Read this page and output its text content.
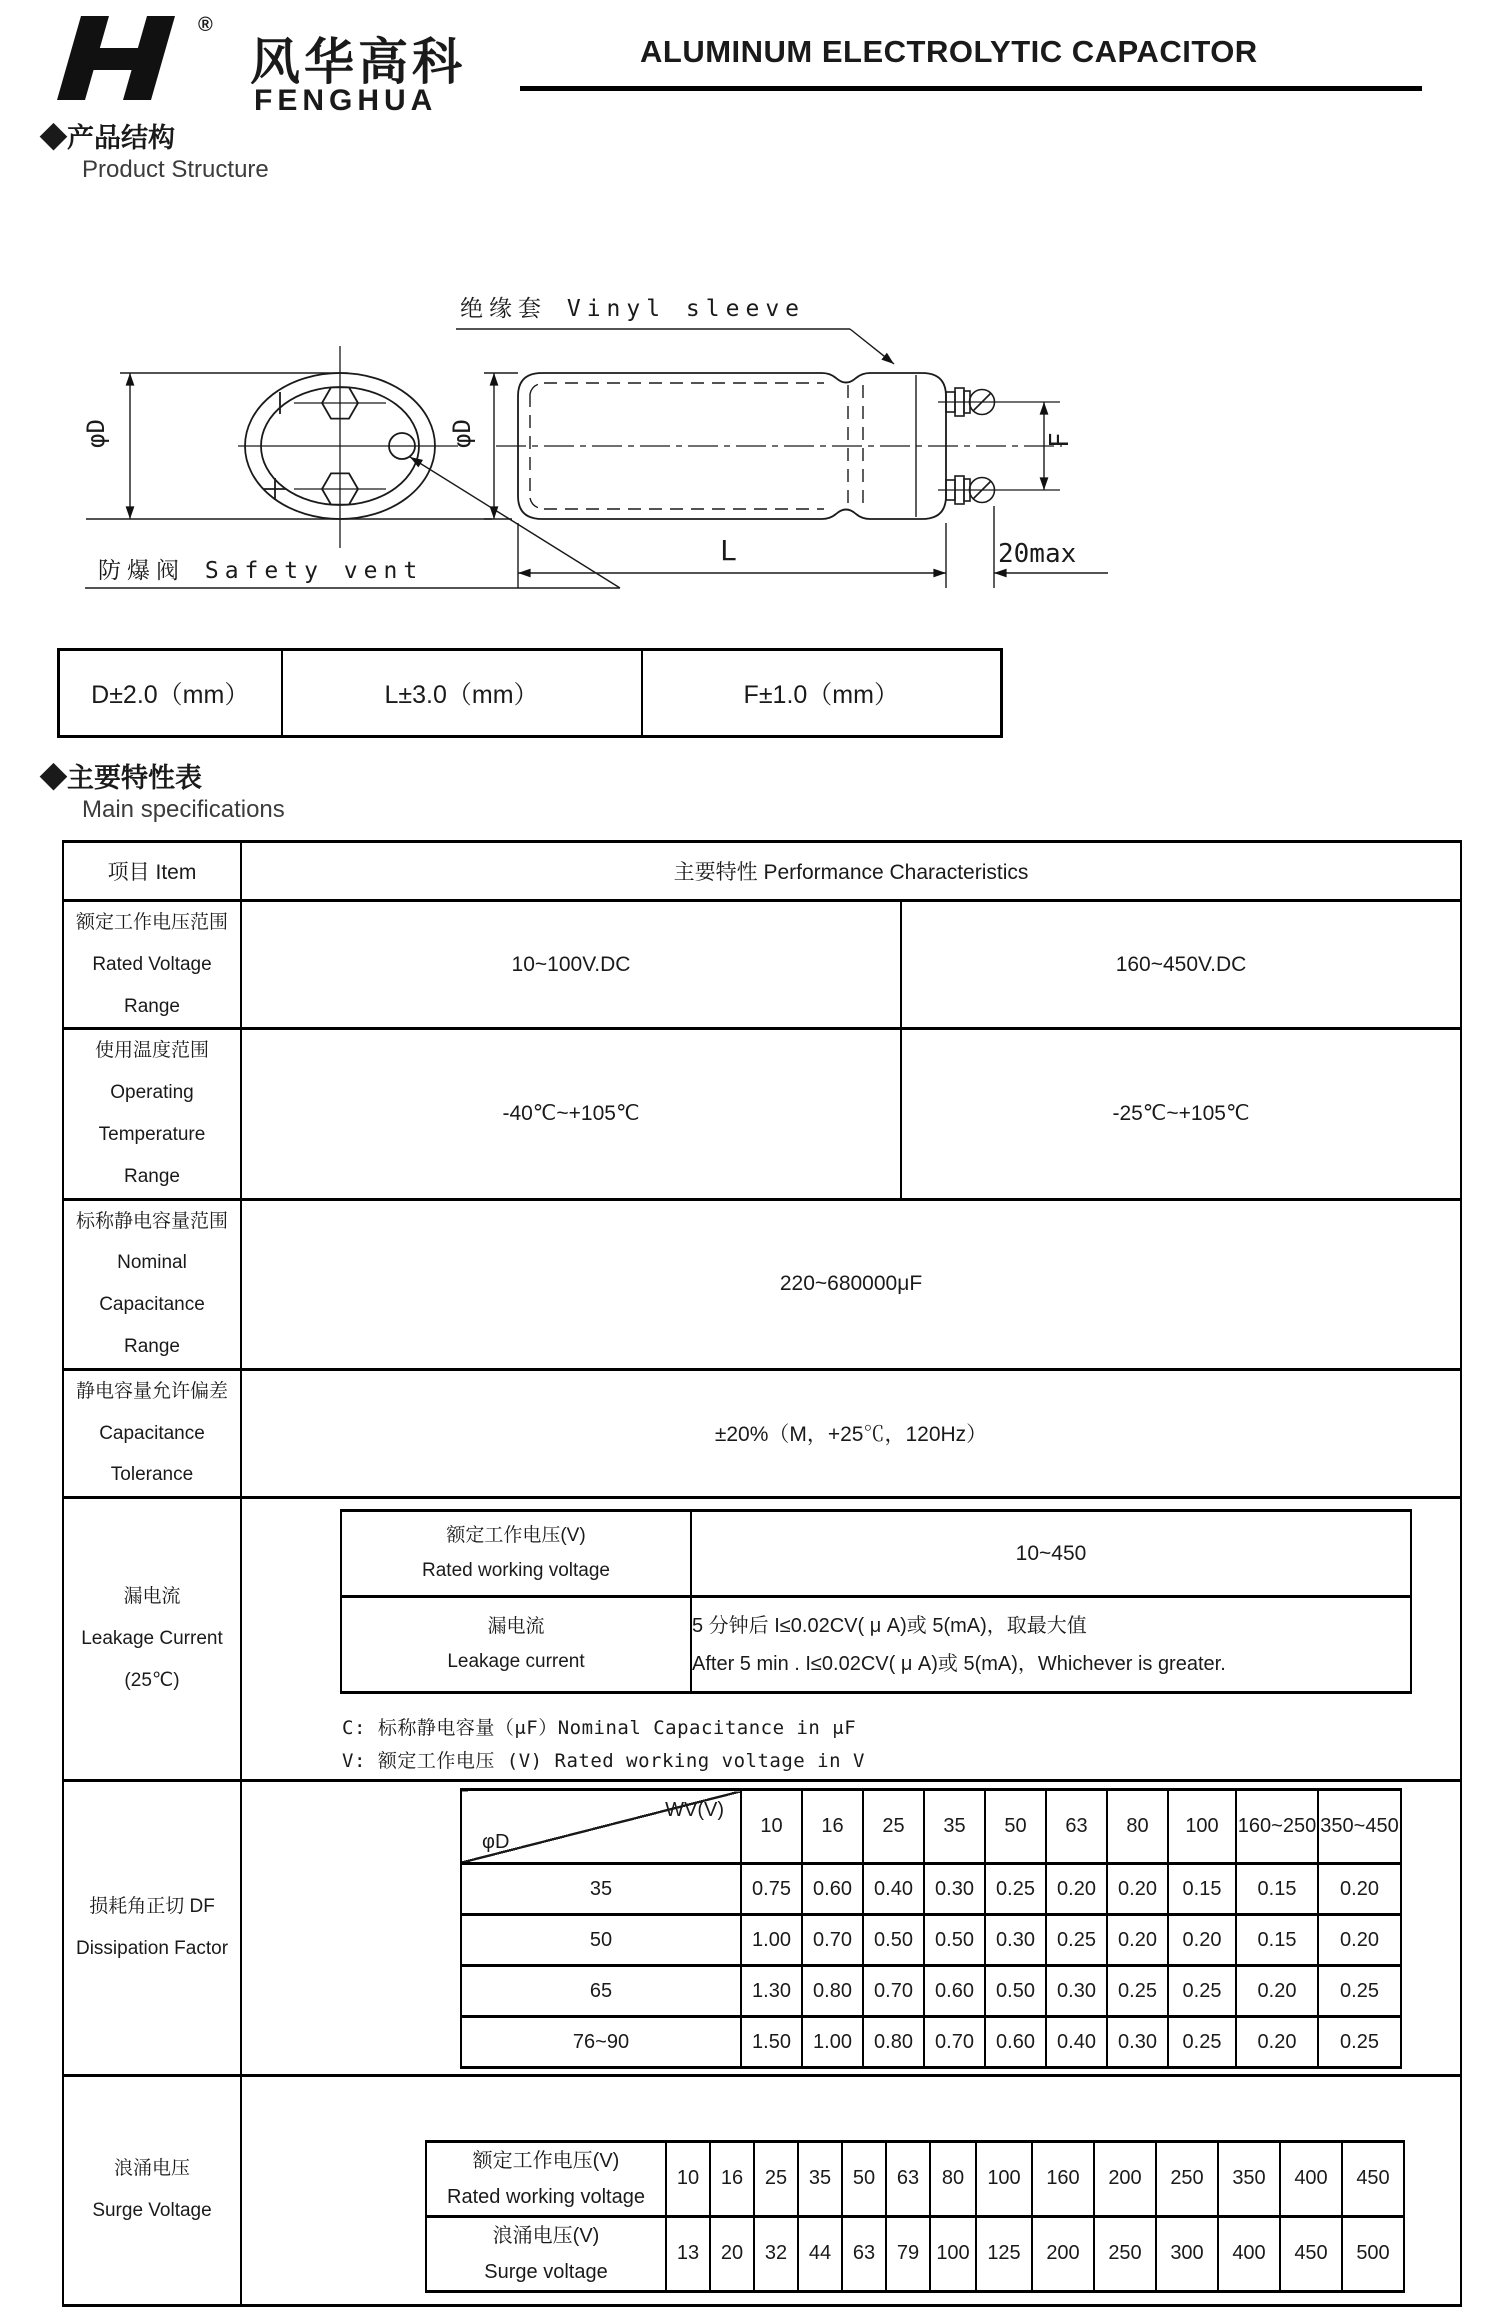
®
风华高科
FENGHUA
ALUMINUM ELECTROLYTIC CAPACITOR
◆产品结构
Product Structure
φD
防爆阀 Safety vent
绝缘套 Vinyl sleeve
φD
L
F
20max
D±2.0（mm）	L±3.0（mm）	F±1.0（mm）
◆主要特性表
Main specifications
项目 Item	主要特性 Performance Characteristics

额定工作电压范围
Rated Voltage Range
	10~100V.DC	160~450V.DC

使用温度范围
Operating Temperature
Range
	-40℃~+105℃	-25℃~+105℃

标称静电容量范围
Nominal Capacitance
Range
	220~680000μF

静电容量允许偏差
Capacitance Tolerance
	±20%（M，+25℃，120Hz）

漏电流
Leakage Current (25℃)

额定工作电压(V)
Rated working voltage
	10~450

漏电流
Leakage current

5 分钟后 I≤0.02CV( μ A)或 5(mA)，取最大值
After 5 min . I≤0.02CV( μ A)或 5(mA)，Whichever is greater.
C: 标称静电容量（μF）Nominal Capacitance in μF
V: 额定工作电压 (V) Rated working voltage in V

损耗角正切 DF
Dissipation Factor

WV(V)
φD
	10	16	25	35	50	63	80	100	160~250	350~450
35	0.75	0.60	0.40	0.30	0.25	0.20	0.20	0.15	0.15	0.20
50	1.00	0.70	0.50	0.50	0.30	0.25	0.20	0.20	0.15	0.20
65	1.30	0.80	0.70	0.60	0.50	0.30	0.25	0.25	0.20	0.25
76~90	1.50	1.00	0.80	0.70	0.60	0.40	0.30	0.25	0.20	0.25

浪涌电压
Surge Voltage

额定工作电压(V)
Rated working voltage
	10	16	25	35	50	63	80	100	160	200	250	350	400	450

浪涌电压(V)
Surge voltage
	13	20	32	44	63	79	100	125	200	250	300	400	450	500
